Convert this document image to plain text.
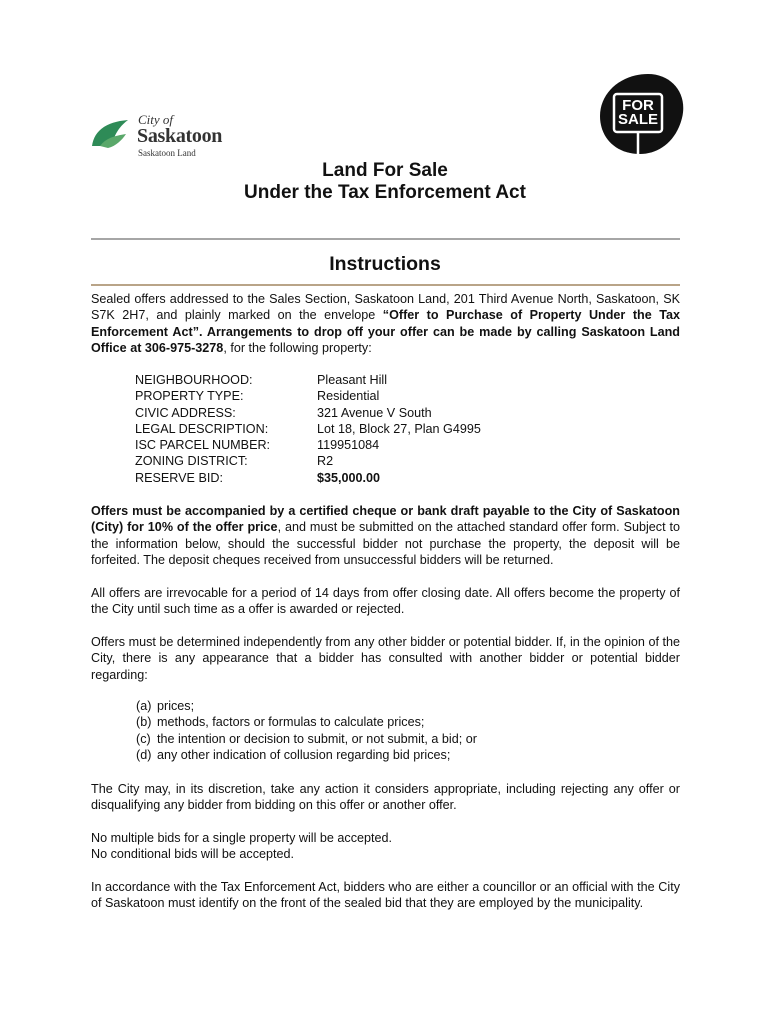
City of
Saskatoon
Saskatoon Land
FOR
SALE
Land For Sale
Under the Tax Enforcement Act
Instructions
Sealed offers addressed to the Sales Section, Saskatoon Land, 201 Third Avenue North, Saskatoon, SK S7K 2H7, and plainly marked on the envelope “Offer to Purchase of Property Under the Tax Enforcement Act”. Arrangements to drop off your offer can be made by calling Saskatoon Land Office at 306-975-3278, for the following property:
NEIGHBOURHOOD:	Pleasant Hill
PROPERTY TYPE:	Residential
CIVIC ADDRESS:	321 Avenue V South
LEGAL DESCRIPTION:	Lot 18, Block 27, Plan G4995
ISC PARCEL NUMBER:	119951084
ZONING DISTRICT:	R2
RESERVE BID:	$35,000.00
Offers must be accompanied by a certified cheque or bank draft payable to the City of Saskatoon (City) for 10% of the offer price, and must be submitted on the attached standard offer form. Subject to the information below, should the successful bidder not purchase the property, the deposit will be forfeited. The deposit cheques received from unsuccessful bidders will be returned.
All offers are irrevocable for a period of 14 days from offer closing date. All offers become the property of the City until such time as a offer is awarded or rejected.
Offers must be determined independently from any other bidder or potential bidder. If, in the opinion of the City, there is any appearance that a bidder has consulted with another bidder or potential bidder regarding:
(a) prices;
(b) methods, factors or formulas to calculate prices;
(c) the intention or decision to submit, or not submit, a bid; or
(d) any other indication of collusion regarding bid prices;
The City may, in its discretion, take any action it considers appropriate, including rejecting any offer or disqualifying any bidder from bidding on this offer or another offer.
No multiple bids for a single property will be accepted.
No conditional bids will be accepted.
In accordance with the Tax Enforcement Act, bidders who are either a councillor or an official with the City of Saskatoon must identify on the front of the sealed bid that they are employed by the municipality.
